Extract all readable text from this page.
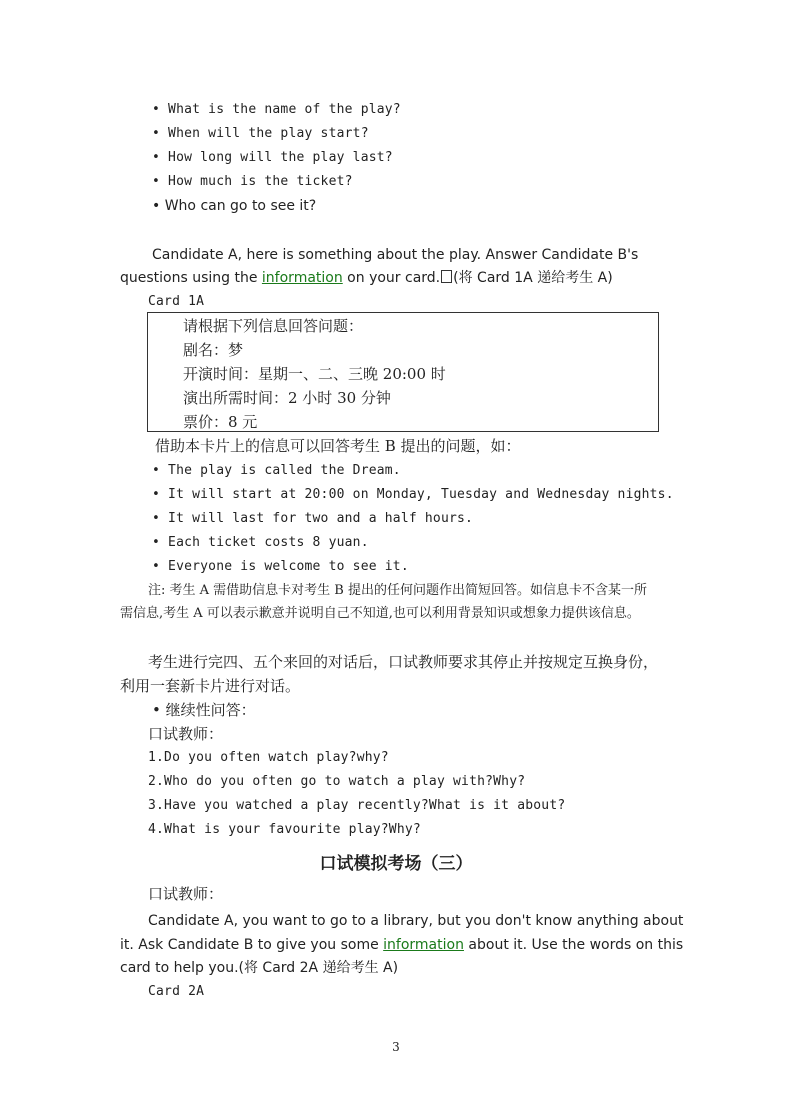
• What is the name of the play?
• When will the play start?
• How long will the play last?
• How much is the ticket?
• Who can go to see it?
Candidate A, here is something about the play. Answer Candidate B's
questions using the information on your card. (将 Card 1A 递给考生 A)
Card 1A
请根据下列信息回答问题：
剧名：梦
开演时间：星期一、二、三晚 20:00 时
演出所需时间：2 小时 30 分钟
票价：8 元
借助本卡片上的信息可以回答考生 B 提出的问题，如：
• The play is called the Dream.
• It will start at 20:00 on Monday, Tuesday and Wednesday nights.
• It will last for two and a half hours.
• Each ticket costs 8 yuan.
• Everyone is welcome to see it.
注: 考生 A 需借助信息卡对考生 B 提出的任何问题作出简短回答。如信息卡不含某一所
需信息,考生 A 可以表示歉意并说明自己不知道,也可以利用背景知识或想象力提供该信息。
考生进行完四、五个来回的对话后，口试教师要求其停止并按规定互换身份，
利用一套新卡片进行对话。
• 继续性问答：
口试教师：
1.Do you often watch play?why?
2.Who do you often go to watch a play with?Why?
3.Have you watched a play recently?What is it about?
4.What is your favourite play?Why?
口试模拟考场（三）
口试教师：
Candidate A, you want to go to a library, but you don't know anything about
it. Ask Candidate B to give you some information about it. Use the words on this
card to help you.(将 Card 2A 递给考生 A)
Card 2A
3
